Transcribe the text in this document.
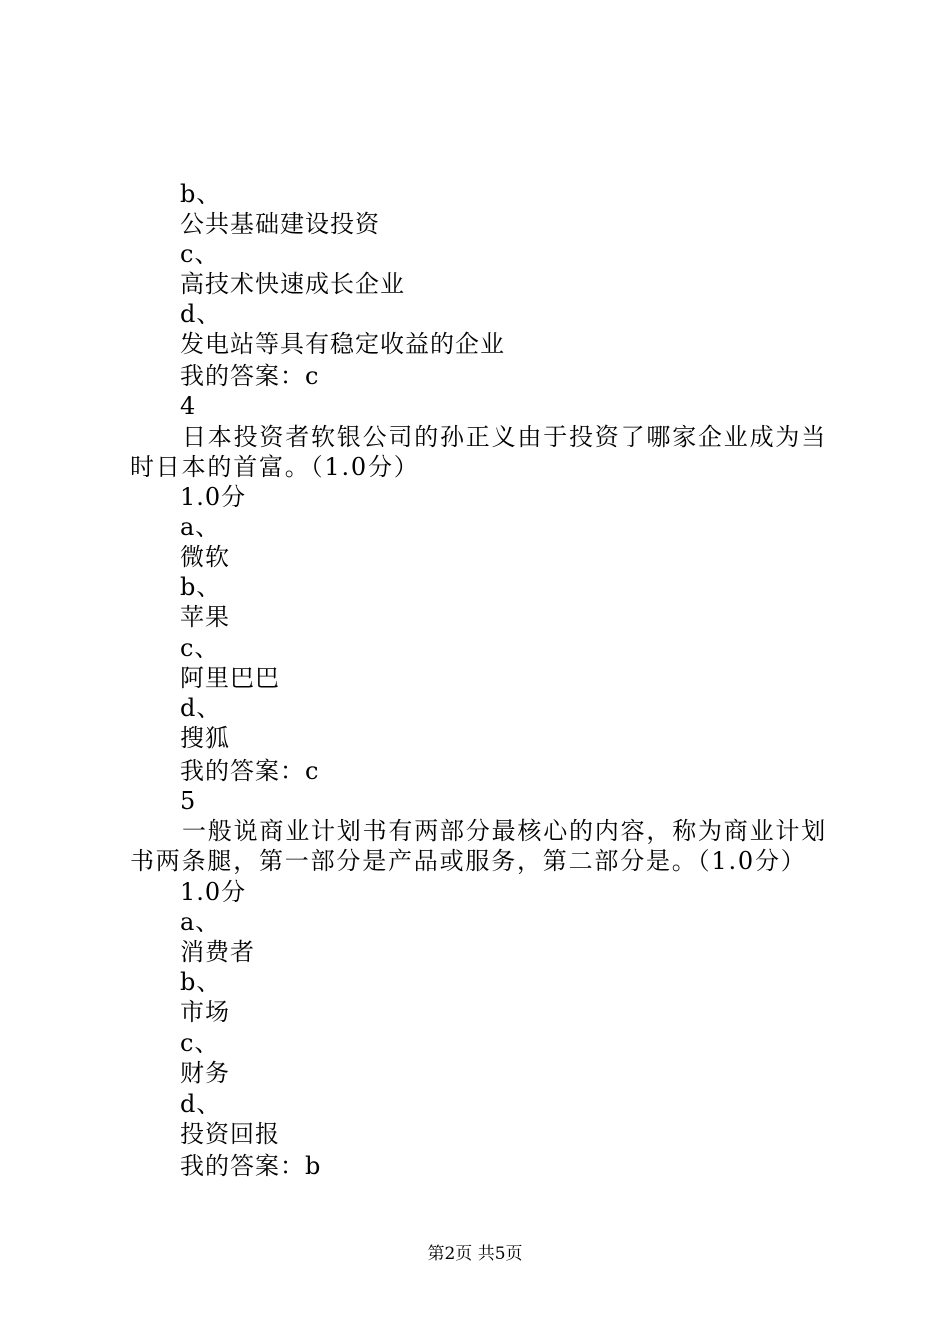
b、
公共基础建设投资
c、
高技术快速成长企业
d、
发电站等具有稳定收益的企业
我的答案：c
4
日本投资者软银公司的孙正义由于投资了哪家企业成为当时日本的首富。（1.0分）
1.0分
a、
微软
b、
苹果
c、
阿里巴巴
d、
搜狐
我的答案：c
5
一般说商业计划书有两部分最核心的内容，称为商业计划书两条腿，第一部分是产品或服务，第二部分是。（1.0分）
1.0分
a、
消费者
b、
市场
c、
财务
d、
投资回报
我的答案：b
第2页 共5页
